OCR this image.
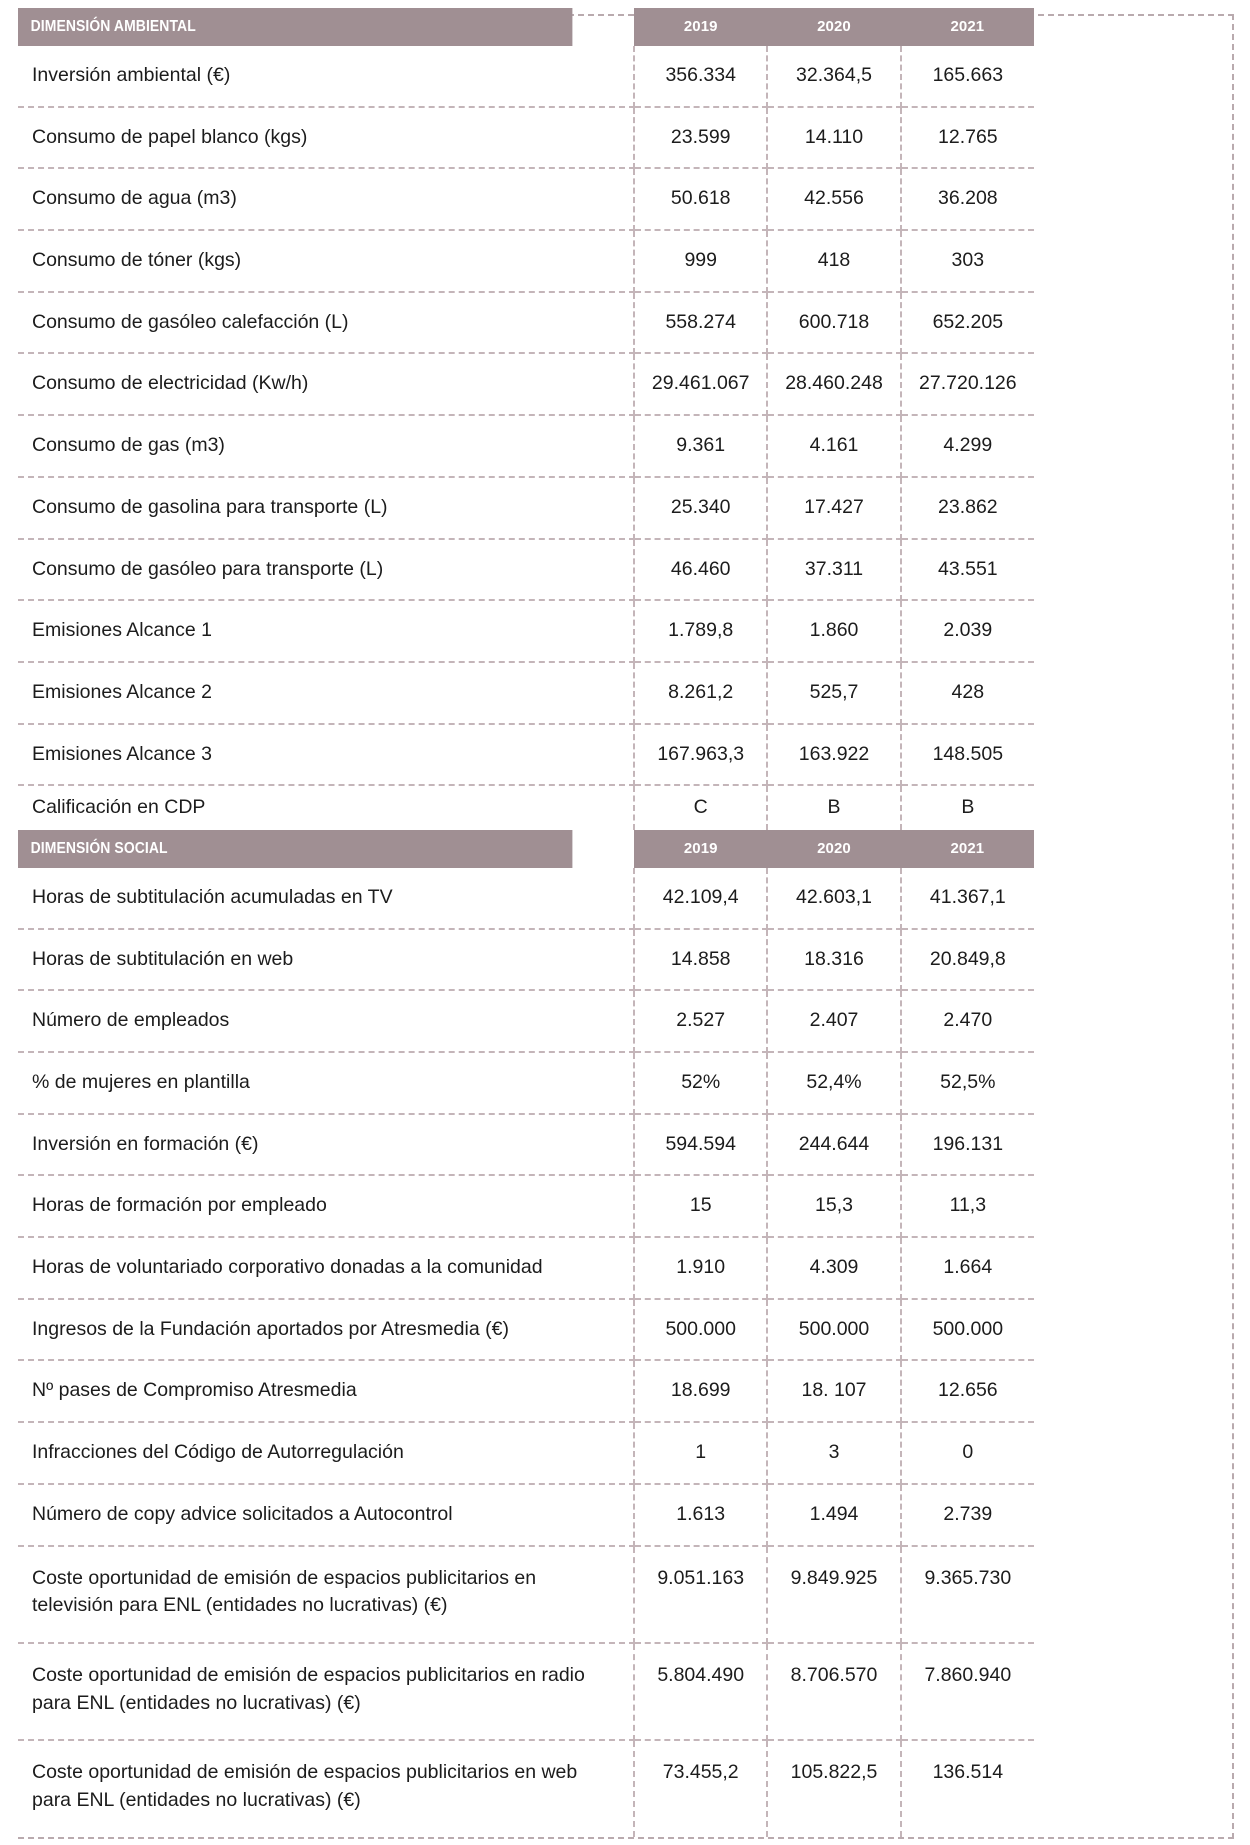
DIMENSIÓN AMBIENTAL	2019	2020	2021

Inversión ambiental (€)	356.334	32.364,5	165.663

Consumo de papel blanco (kgs)	23.599	14.110	12.765

Consumo de agua (m3)	50.618	42.556	36.208

Consumo de tóner (kgs)	999	418	303

Consumo de gasóleo calefacción (L)	558.274	600.718	652.205

Consumo de electricidad (Kw/h)	29.461.067	28.460.248	27.720.126

Consumo de gas (m3)	9.361	4.161	4.299

Consumo de gasolina para transporte (L)	25.340	17.427	23.862

Consumo de gasóleo para transporte (L)	46.460	37.311	43.551

Emisiones Alcance 1	1.789,8	1.860	2.039

Emisiones Alcance 2	8.261,2	525,7	428

Emisiones Alcance 3	167.963,3	163.922	148.505

Calificación en CDP	C	B	B
DIMENSIÓN SOCIAL	2019	2020	2021

Horas de subtitulación acumuladas en TV	42.109,4	42.603,1	41.367,1

Horas de subtitulación en web	14.858	18.316	20.849,8

Número de empleados	2.527	2.407	2.470

% de mujeres en plantilla	52%	52,4%	52,5%

Inversión en formación (€)	594.594	244.644	196.131

Horas de formación por empleado	15	15,3	11,3

Horas de voluntariado corporativo donadas a la comunidad	1.910	4.309	1.664

Ingresos de la Fundación aportados por Atresmedia (€)	500.000	500.000	500.000

Nº pases de Compromiso Atresmedia	18.699	18. 107	12.656

Infracciones del Código de Autorregulación	1	3	0

Número de copy advice solicitados a Autocontrol	1.613	1.494	2.739

Coste oportunidad de emisión de espacios publicitarios en televisión para ENL (entidades no lucrativas) (€)	9.051.163	9.849.925	9.365.730

Coste oportunidad de emisión de espacios publicitarios en radio para ENL (entidades no lucrativas) (€)	5.804.490	8.706.570	7.860.940

Coste oportunidad de emisión de espacios publicitarios en web para ENL (entidades no lucrativas) (€)	73.455,2	105.822,5	136.514
